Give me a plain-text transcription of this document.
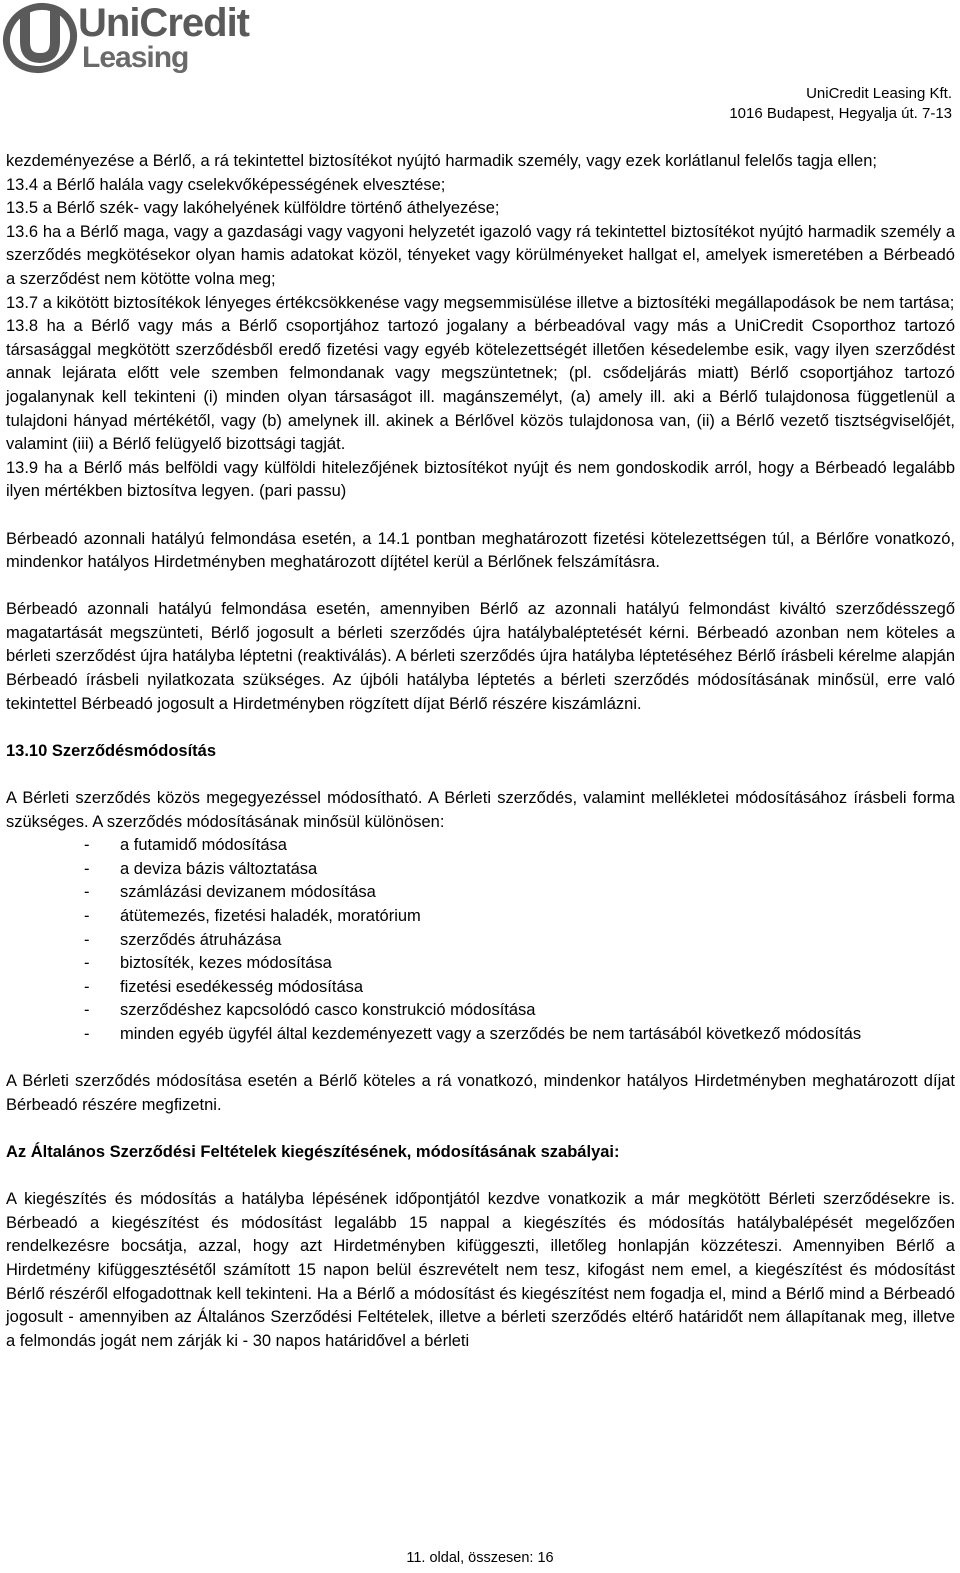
UniCredit
Leasing
UniCredit Leasing Kft.
1016 Budapest, Hegyalja út. 7-13

kezdeményezése a Bérlő, a rá tekintettel biztosítékot nyújtó harmadik személy, vagy ezek korlátlanul felelős tagja ellen;

13.4 a Bérlő halála vagy cselekvőképességének elvesztése;

13.5 a Bérlő szék- vagy lakóhelyének külföldre történő áthelyezése;

13.6 ha a Bérlő maga, vagy a gazdasági vagy vagyoni helyzetét igazoló vagy rá tekintettel biztosítékot nyújtó harmadik személy a szerződés megkötésekor olyan hamis adatokat közöl, tényeket vagy körülményeket hallgat el, amelyek ismeretében a Bérbeadó a szerződést nem kötötte volna meg;

13.7 a kikötött biztosítékok lényeges értékcsökkenése vagy megsemmisülése illetve a biztosítéki megállapodások be nem tartása;

13.8 ha a Bérlő vagy más a Bérlő csoportjához tartozó jogalany a bérbeadóval vagy más a UniCredit Csoporthoz tartozó társasággal megkötött szerződésből eredő fizetési vagy egyéb kötelezettségét illetően késedelembe esik, vagy ilyen szerződést annak lejárata előtt vele szemben felmondanak vagy megszüntetnek; (pl. csődeljárás miatt) Bérlő csoportjához tartozó jogalanynak kell tekinteni (i) minden olyan társaságot ill. magánszemélyt, (a) amely ill. aki a Bérlő tulajdonosa függetlenül a tulajdoni hányad mértékétől, vagy (b) amelynek ill. akinek a Bérlővel közös tulajdonosa van, (ii) a Bérlő vezető tisztségviselőjét, valamint (iii) a Bérlő felügyelő bizottsági tagját.

13.9 ha a Bérlő más belföldi vagy külföldi hitelezőjének biztosítékot nyújt és nem gondoskodik arról, hogy a Bérbeadó legalább ilyen mértékben biztosítva legyen. (pari passu)

Bérbeadó azonnali hatályú felmondása esetén, a 14.1 pontban meghatározott fizetési kötelezettségen túl, a Bérlőre vonatkozó, mindenkor hatályos Hirdetményben meghatározott díjtétel kerül a Bérlőnek felszámításra.

Bérbeadó azonnali hatályú felmondása esetén, amennyiben Bérlő az azonnali hatályú felmondást kiváltó szerződésszegő magatartását megszünteti, Bérlő jogosult a bérleti szerződés újra hatálybaléptetését kérni. Bérbeadó azonban nem köteles a bérleti szerződést újra hatályba léptetni (reaktiválás). A bérleti szerződés újra hatályba léptetéséhez Bérlő írásbeli kérelme alapján Bérbeadó írásbeli nyilatkozata szükséges. Az újbóli hatályba léptetés a bérleti szerződés módosításának minősül, erre való tekintettel Bérbeadó jogosult a Hirdetményben rögzített díjat Bérlő részére kiszámlázni.

13.10 Szerződésmódosítás

A Bérleti szerződés közös megegyezéssel módosítható. A Bérleti szerződés, valamint mellékletei módosításához írásbeli forma szükséges. A szerződés módosításának minősül különösen:

- a futamidő módosítása
- a deviza bázis változtatása
- számlázási devizanem módosítása
- átütemezés, fizetési haladék, moratórium
- szerződés átruházása
- biztosíték, kezes módosítása
- fizetési esedékesség módosítása
- szerződéshez kapcsolódó casco konstrukció módosítása
- minden egyéb ügyfél által kezdeményezett vagy a szerződés be nem tartásából következő módosítás

A Bérleti szerződés módosítása esetén a Bérlő köteles a rá vonatkozó, mindenkor hatályos Hirdetményben meghatározott díjat Bérbeadó részére megfizetni.

Az Általános Szerződési Feltételek kiegészítésének, módosításának szabályai:

A kiegészítés és módosítás a hatályba lépésének időpontjától kezdve vonatkozik a már megkötött Bérleti szerződésekre is. Bérbeadó a kiegészítést és módosítást legalább 15 nappal a kiegészítés és módosítás hatálybalépését megelőzően rendelkezésre bocsátja, azzal, hogy azt Hirdetményben kifüggeszti, illetőleg honlapján közzéteszi. Amennyiben Bérlő a Hirdetmény kifüggesztésétől számított 15 napon belül észrevételt nem tesz, kifogást nem emel, a kiegészítést és módosítást Bérlő részéről elfogadottnak kell tekinteni. Ha a Bérlő a módosítást és kiegészítést nem fogadja el, mind a Bérlő mind a Bérbeadó jogosult - amennyiben az Általános Szerződési Feltételek, illetve a bérleti szerződés eltérő határidőt nem állapítanak meg, illetve a felmondás jogát nem zárják ki - 30 napos határidővel a bérleti

11. oldal, összesen: 16
